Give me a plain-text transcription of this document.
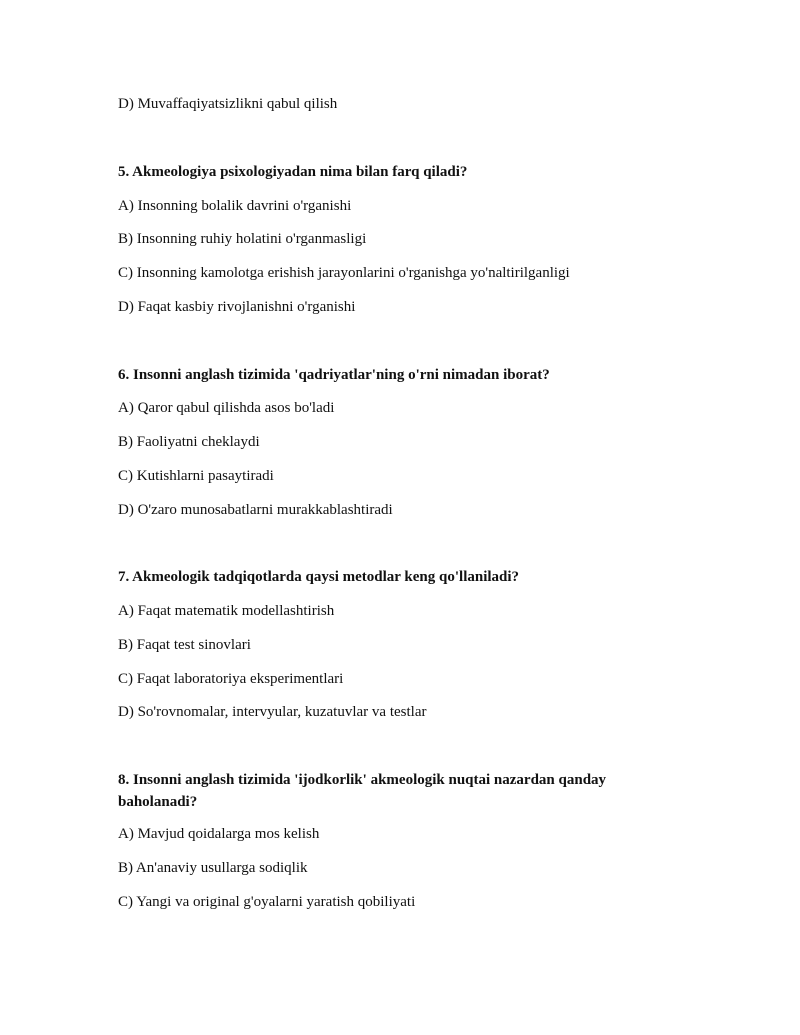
D) Muvaffaqiyatsizlikni qabul qilish
5. Akmeologiya psixologiyadan nima bilan farq qiladi?
A) Insonning bolalik davrini o'rganishi
B) Insonning ruhiy holatini o'rganmasligi
C) Insonning kamolotga erishish jarayonlarini o'rganishga yo'naltirilganligi
D) Faqat kasbiy rivojlanishni o'rganishi
6. Insonni anglash tizimida 'qadriyatlar'ning o'rni nimadan iborat?
A) Qaror qabul qilishda asos bo'ladi
B) Faoliyatni cheklaydi
C) Kutishlarni pasaytiradi
D) O'zaro munosabatlarni murakkablashtiradi
7. Akmeologik tadqiqotlarda qaysi metodlar keng qo'llaniladi?
A) Faqat matematik modellashtirish
B) Faqat test sinovlari
C) Faqat laboratoriya eksperimentlari
D) So'rovnomalar, intervyular, kuzatuvlar va testlar
8. Insonni anglash tizimida 'ijodkorlik' akmeologik nuqtai nazardan qanday baholanadi?
A) Mavjud qoidalarga mos kelish
B) An'anaviy usullarga sodiqlik
C) Yangi va original g'oyalarni yaratish qobiliyati
